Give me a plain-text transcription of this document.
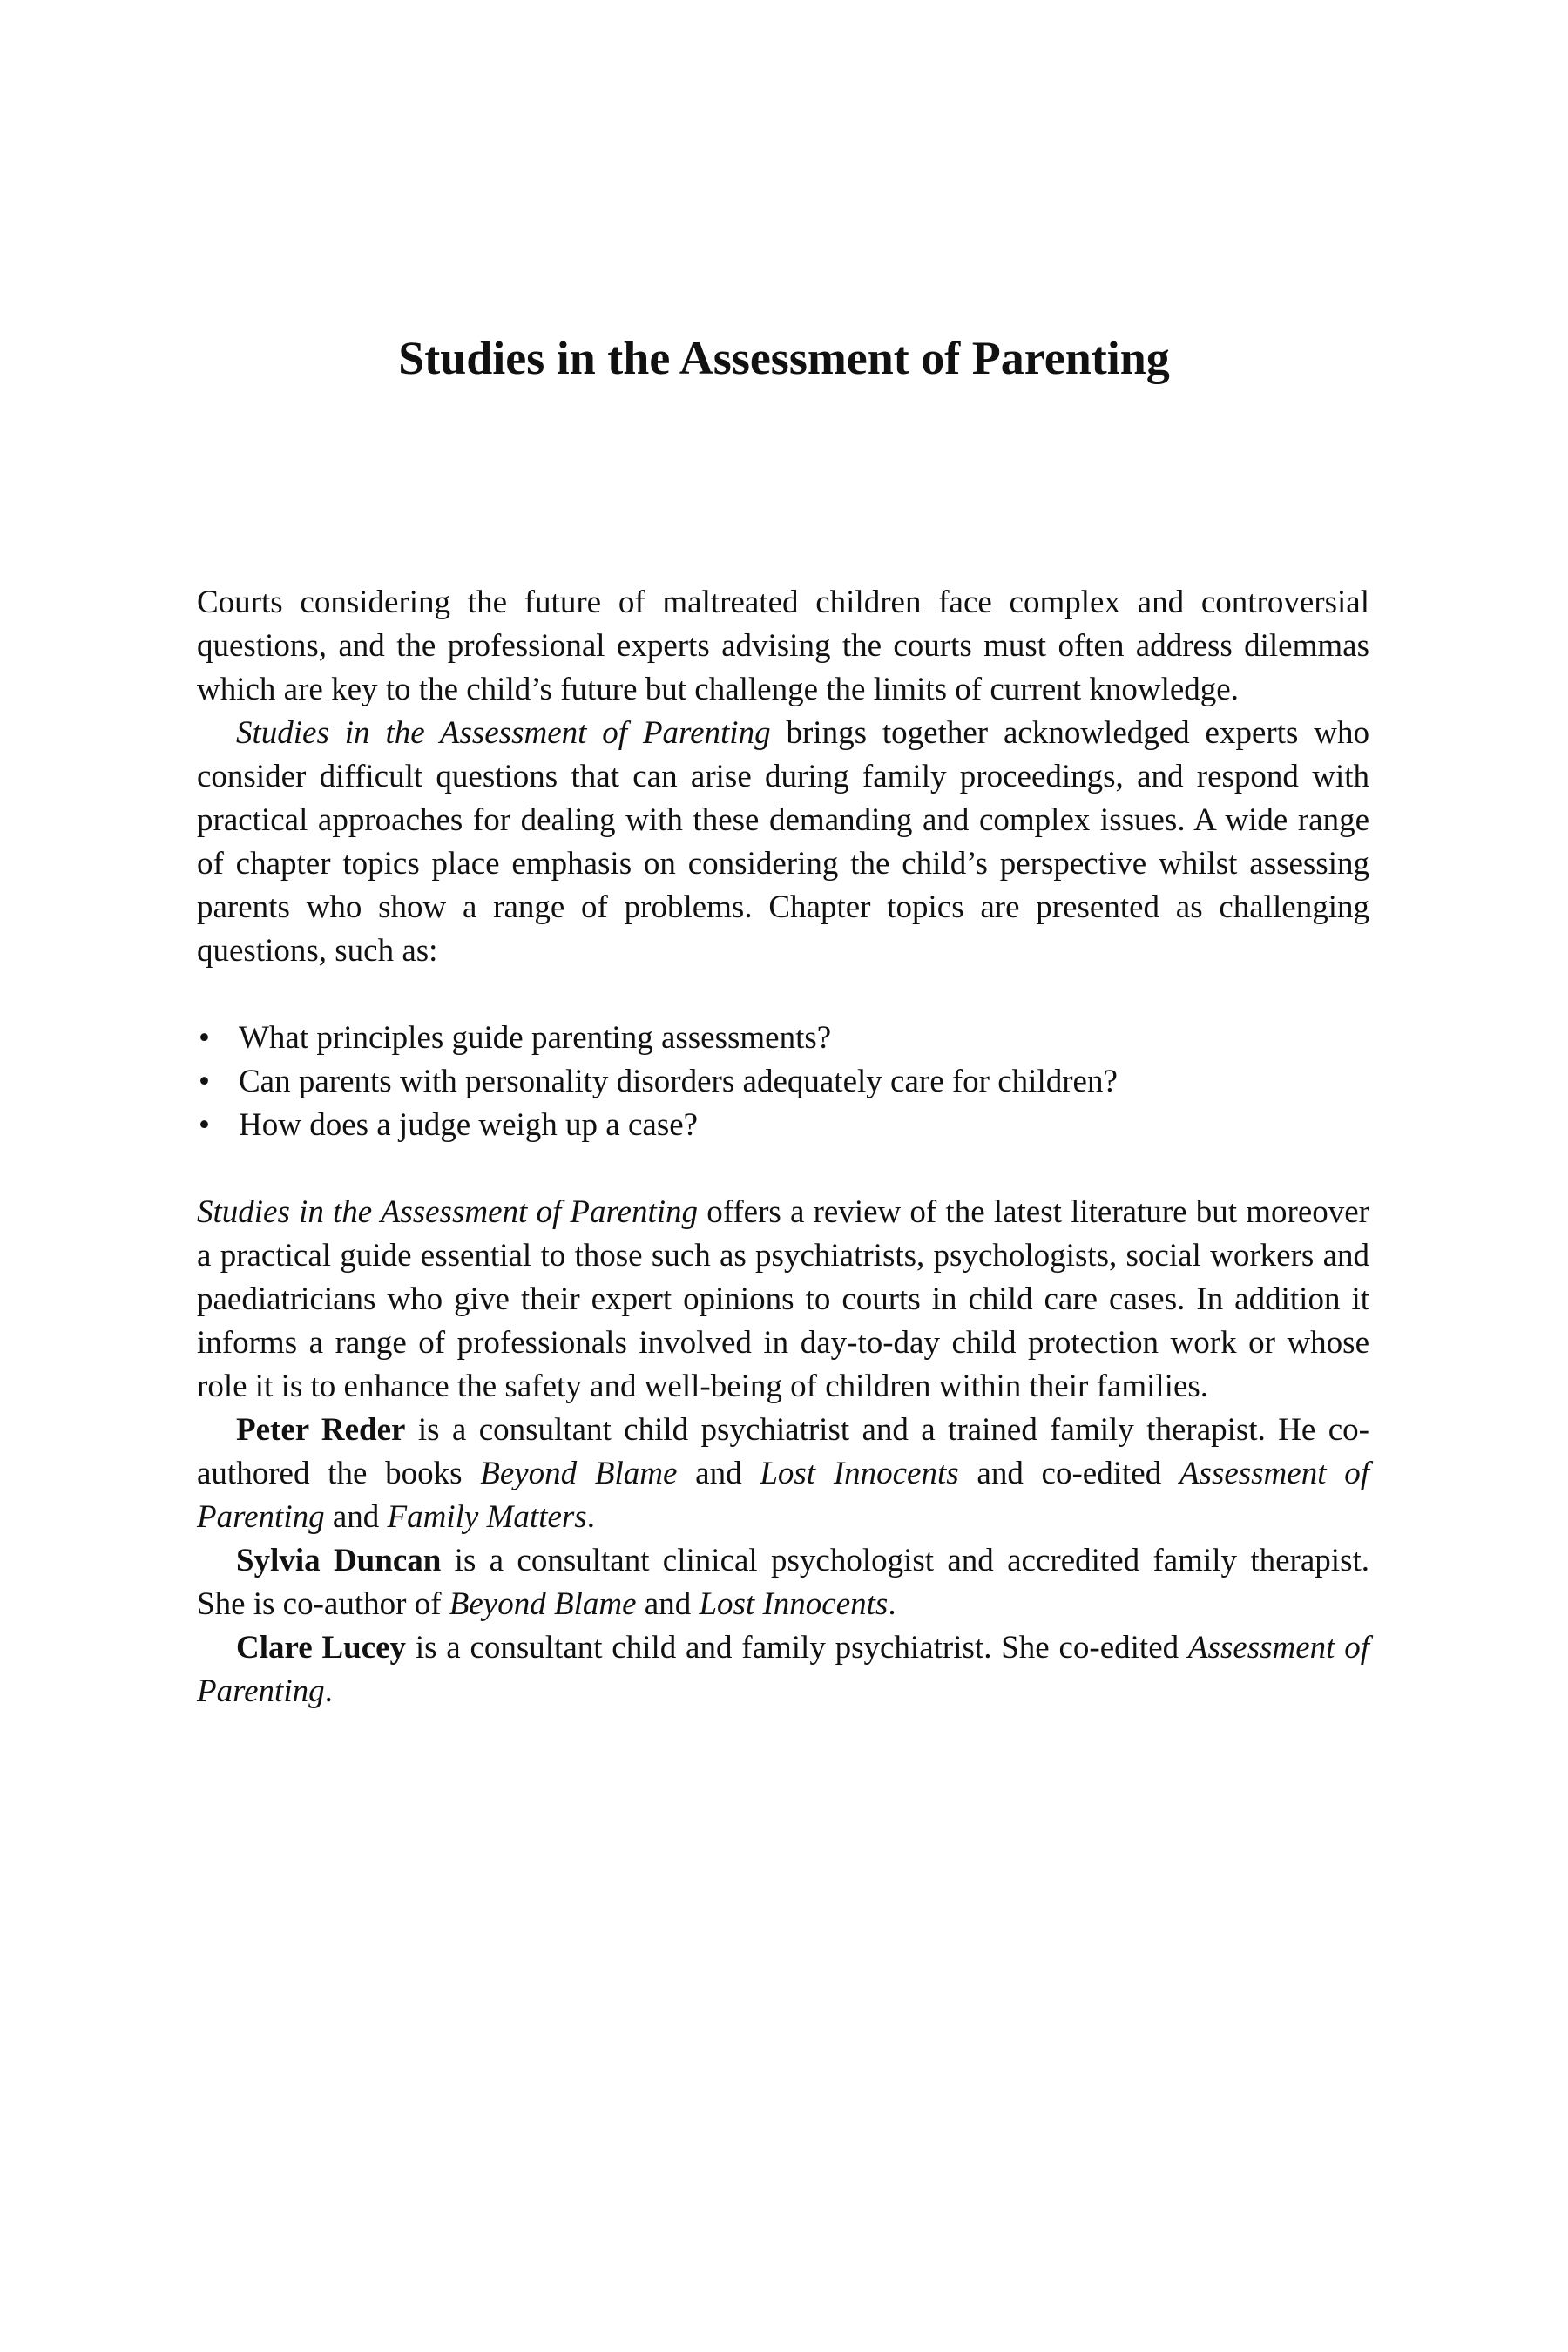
Studies in the Assessment of Parenting

Courts considering the future of maltreated children face complex and controversial questions, and the professional experts advising the courts must often address dilemmas which are key to the child’s future but challenge the limits of current knowledge.

Studies in the Assessment of Parenting brings together acknowledged experts who consider difficult questions that can arise during family proceedings, and respond with practical approaches for dealing with these demanding and complex issues. A wide range of chapter topics place emphasis on considering the child’s perspective whilst assessing parents who show a range of problems. Chapter topics are presented as challenging questions, such as:

• What principles guide parenting assessments?
• Can parents with personality disorders adequately care for children?
• How does a judge weigh up a case?

Studies in the Assessment of Parenting offers a review of the latest literature but moreover a practical guide essential to those such as psychiatrists, psychologists, social workers and paediatricians who give their expert opinions to courts in child care cases. In addition it informs a range of professionals involved in day-to-day child protection work or whose role it is to enhance the safety and well-being of children within their families.

Peter Reder is a consultant child psychiatrist and a trained family therapist. He co-authored the books Beyond Blame and Lost Innocents and co-edited Assessment of Parenting and Family Matters.

Sylvia Duncan is a consultant clinical psychologist and accredited family therapist. She is co-author of Beyond Blame and Lost Innocents.

Clare Lucey is a consultant child and family psychiatrist. She co-edited Assessment of Parenting.
